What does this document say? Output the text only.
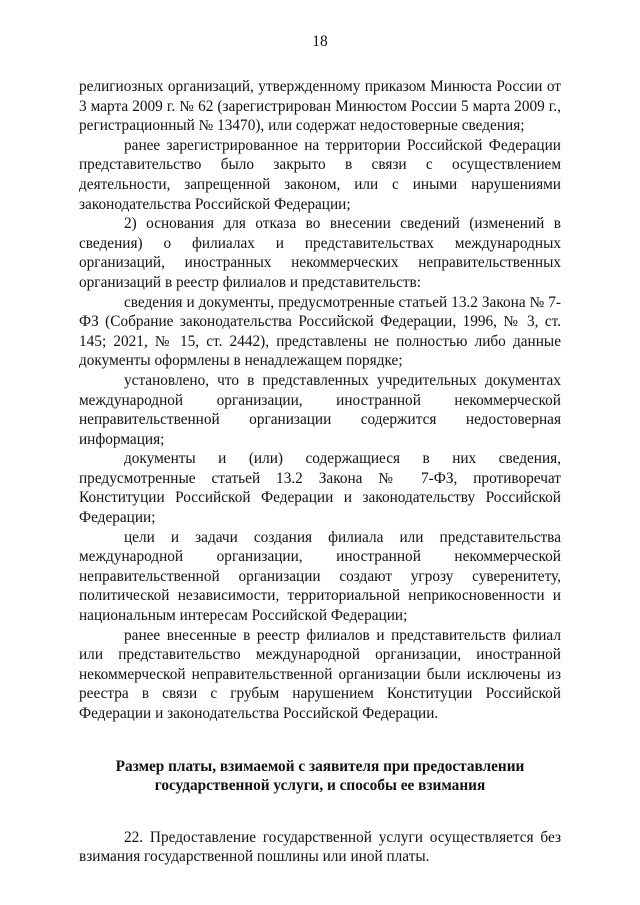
18

религиозных организаций, утвержденному приказом Минюста России от 3 марта 2009 г. № 62 (зарегистрирован Минюстом России 5 марта 2009 г., регистрационный № 13470), или содержат недостоверные сведения;

ранее зарегистрированное на территории Российской Федерации представительство было закрыто в связи с осуществлением деятельности, запрещенной законом, или с иными нарушениями законодательства Российской Федерации;

2) основания для отказа во внесении сведений (изменений в сведения) о филиалах и представительствах международных организаций, иностранных некоммерческих неправительственных организаций в реестр филиалов и представительств:

сведения и документы, предусмотренные статьей 13.2 Закона № 7-ФЗ (Собрание законодательства Российской Федерации, 1996, № 3, ст. 145; 2021, № 15, ст. 2442), представлены не полностью либо данные документы оформлены в ненадлежащем порядке;

установлено, что в представленных учредительных документах международной организации, иностранной некоммерческой неправительственной организации содержится недостоверная информация;

документы и (или) содержащиеся в них сведения, предусмотренные статьей 13.2 Закона № 7-ФЗ, противоречат Конституции Российской Федерации и законодательству Российской Федерации;

цели и задачи создания филиала или представительства международной организации, иностранной некоммерческой неправительственной организации создают угрозу суверенитету, политической независимости, территориальной неприкосновенности и национальным интересам Российской Федерации;

ранее внесенные в реестр филиалов и представительств филиал или представительство международной организации, иностранной некоммерческой неправительственной организации были исключены из реестра в связи с грубым нарушением Конституции Российской Федерации и законодательства Российской Федерации.

Размер платы, взимаемой с заявителя при предоставлении
государственной услуги, и способы ее взимания

22. Предоставление государственной услуги осуществляется без взимания государственной пошлины или иной платы.
